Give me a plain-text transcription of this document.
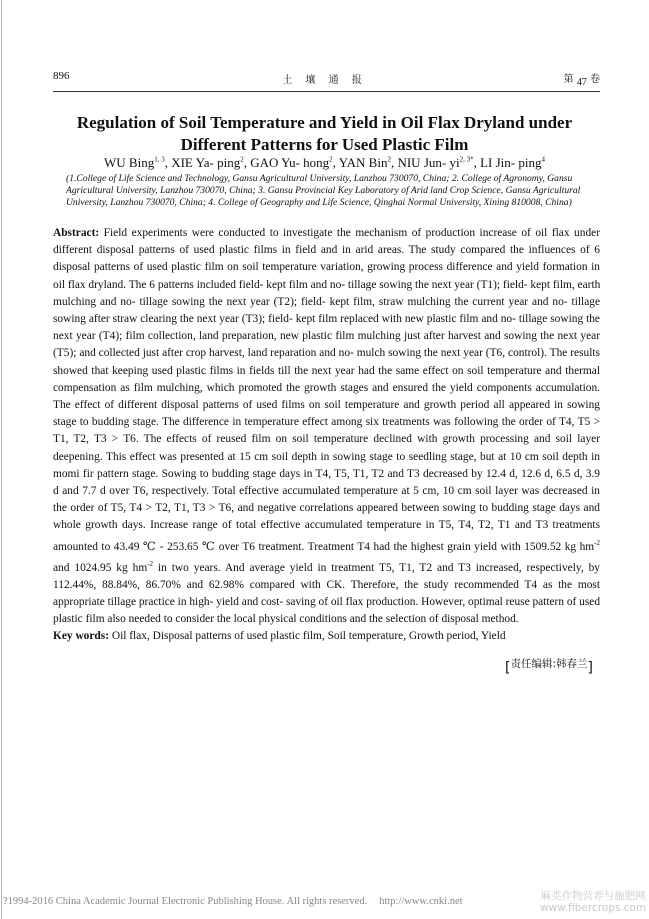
896	土 壤 通 报	第 $_{47}$ 卷
Regulation of Soil Temperature and Yield in Oil Flax Dryland under
Different Patterns for Used Plastic Film
WU Bing$^{1, 3}$, XIE Ya- ping$^2$, GAO Yu- hong$^2$, YAN Bin$^2$, NIU Jun- $yi^{2, 3*}$, LI Jin- ping$^4$
(1.College of Life Science and Technology, Gansu Agricultural University, Lanzhou 730070, China; 2. College of Agronomy, Gansu
Agricultural University, Lanzhou 730070, China; 3. Gansu Provincial Key Laboratory of Arid land Crop Science, Gansu Agricultural
University, Lanzhou 730070, China; 4. College of Geography and Life Science, Qinghai Normal University, Xining 810008, China)
Abstract: Field experiments were conducted to investigate the mechanism of production increase of oil flax under
different disposal patterns of used plastic films in field and in arid areas. The study compared the influences of 6
disposal patterns of used plastic film on soil temperature variation, growing process difference and yield formation in
oil flax dryland. The 6 patterns included field- kept film and no- tillage sowing the next year (T1); field- kept film, earth
mulching and no- tillage sowing the next year (T2); field- kept film, straw mulching the current year and no- tillage
sowing after straw clearing the next year (T3); field- kept film replaced with new plastic film and no- tillage sowing the
next year (T4); film collection, land preparation, new plastic film mulching just after harvest and sowing the next year
(T5); and collected just after crop harvest, land reparation and no- mulch sowing the next year (T6, control). The results
showed that keeping used plastic films in fields till the next year had the same effect on soil temperature and thermal
compensation as film mulching, which promoted the growth stages and ensured the yield components accumulation.
The effect of different disposal patterns of used films on soil temperature and growth period all appeared in sowing
stage to budding stage. The difference in temperature effect among six treatments was following the order of T4, T5 >
T1, T2, T3 > T6. The effects of reused film on soil temperature declined with growth processing and soil layer
deepening. This effect was presented at 15 cm soil depth in sowing stage to seedling stage, but at 10 cm soil depth in
momi fir pattern stage. Sowing to budding stage days in T4, T5, T1, T2 and T3 decreased by 12.4 d, 12.6 d, 6.5 d, 3.9
d and 7.7 d over T6, respectively. Total effective accumulated temperature at 5 cm, 10 cm soil layer was decreased in
the order of T5, T4 > T2, T1, T3 > T6, and negative correlations appeared between sowing to budding stage days and
whole growth days. Increase range of total effective accumulated temperature in T5, T4, T2, T1 and T3 treatments
amounted to 43.49 ℃ - 253.65 ℃ over T6 treatment. Treatment T4 had the highest grain yield with 1509.52 kg $hm^{-2}$
and 1024.95 kg $hm^{-2}$ in two years. And average yield in treatment T5, T1, T2 and T3 increased, respectively, by
112.44%, 88.84%, 86.70% and 62.98% compared with CK. Therefore, the study recommended T4 as the most
appropriate tillage practice in high- yield and cost- saving of oil flax production. However, optimal reuse pattern of used
plastic film also needed to consider the local physical conditions and the selection of disposal method.
Key words: Oil flax, Disposal patterns of used plastic film, Soil temperature, Growth period, Yield
[责任编辑:韩春兰]
?1994-2016 China Academic Journal Electronic Publishing House. All rights reserved. http://www.cnki.net	麻类作物营养与施肥网
www.fibercrops.com
